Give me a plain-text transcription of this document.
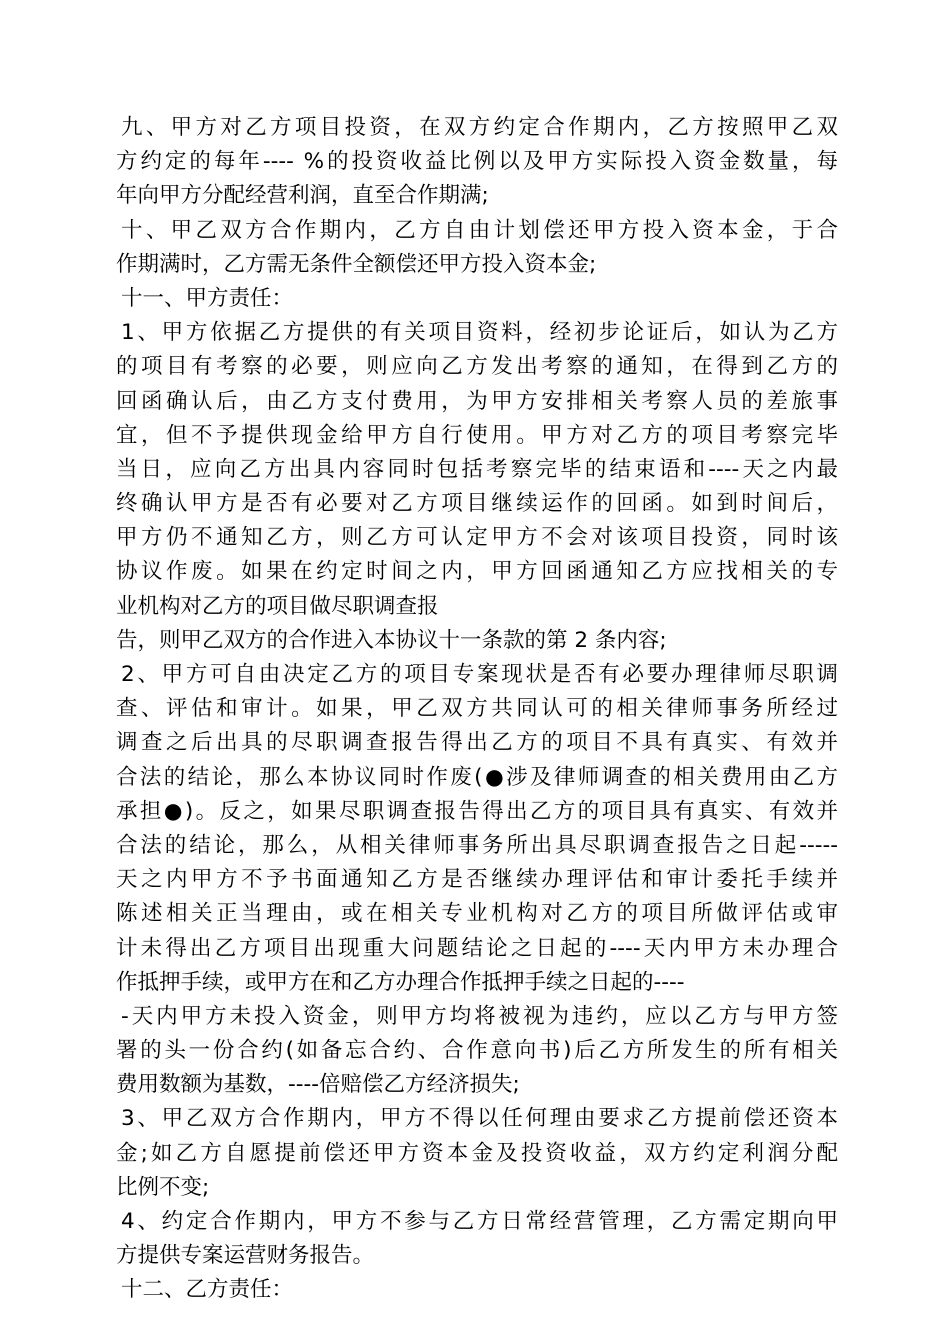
九、甲方对乙方项目投资，在双方约定合作期内，乙方按照甲乙双
方约定的每年---- %的投资收益比例以及甲方实际投入资金数量，每
年向甲方分配经营利润，直至合作期满;
十、甲乙双方合作期内，乙方自由计划偿还甲方投入资本金，于合
作期满时，乙方需无条件全额偿还甲方投入资本金;
十一、甲方责任：
1、甲方依据乙方提供的有关项目资料，经初步论证后，如认为乙方
的项目有考察的必要，则应向乙方发出考察的通知，在得到乙方的
回函确认后，由乙方支付费用，为甲方安排相关考察人员的差旅事
宜，但不予提供现金给甲方自行使用。甲方对乙方的项目考察完毕
当日，应向乙方出具内容同时包括考察完毕的结束语和----天之内最
终确认甲方是否有必要对乙方项目继续运作的回函。如到时间后，
甲方仍不通知乙方，则乙方可认定甲方不会对该项目投资，同时该
协议作废。如果在约定时间之内，甲方回函通知乙方应找相关的专
业机构对乙方的项目做尽职调查报
告，则甲乙双方的合作进入本协议十一条款的第 2 条内容;
2、甲方可自由决定乙方的项目专案现状是否有必要办理律师尽职调
查、评估和审计。如果，甲乙双方共同认可的相关律师事务所经过
调查之后出具的尽职调查报告得出乙方的项目不具有真实、有效并
合法的结论，那么本协议同时作废(●涉及律师调查的相关费用由乙方
承担●)。反之，如果尽职调查报告得出乙方的项目具有真实、有效并
合法的结论，那么，从相关律师事务所出具尽职调查报告之日起-----
天之内甲方不予书面通知乙方是否继续办理评估和审计委托手续并
陈述相关正当理由，或在相关专业机构对乙方的项目所做评估或审
计未得出乙方项目出现重大问题结论之日起的----天内甲方未办理合
作抵押手续，或甲方在和乙方办理合作抵押手续之日起的----
-天内甲方未投入资金，则甲方均将被视为违约，应以乙方与甲方签
署的头一份合约(如备忘合约、合作意向书)后乙方所发生的所有相关
费用数额为基数，----倍赔偿乙方经济损失;
3、甲乙双方合作期内，甲方不得以任何理由要求乙方提前偿还资本
金;如乙方自愿提前偿还甲方资本金及投资收益，双方约定利润分配
比例不变;
4、约定合作期内，甲方不参与乙方日常经营管理，乙方需定期向甲
方提供专案运营财务报告。
十二、乙方责任：
